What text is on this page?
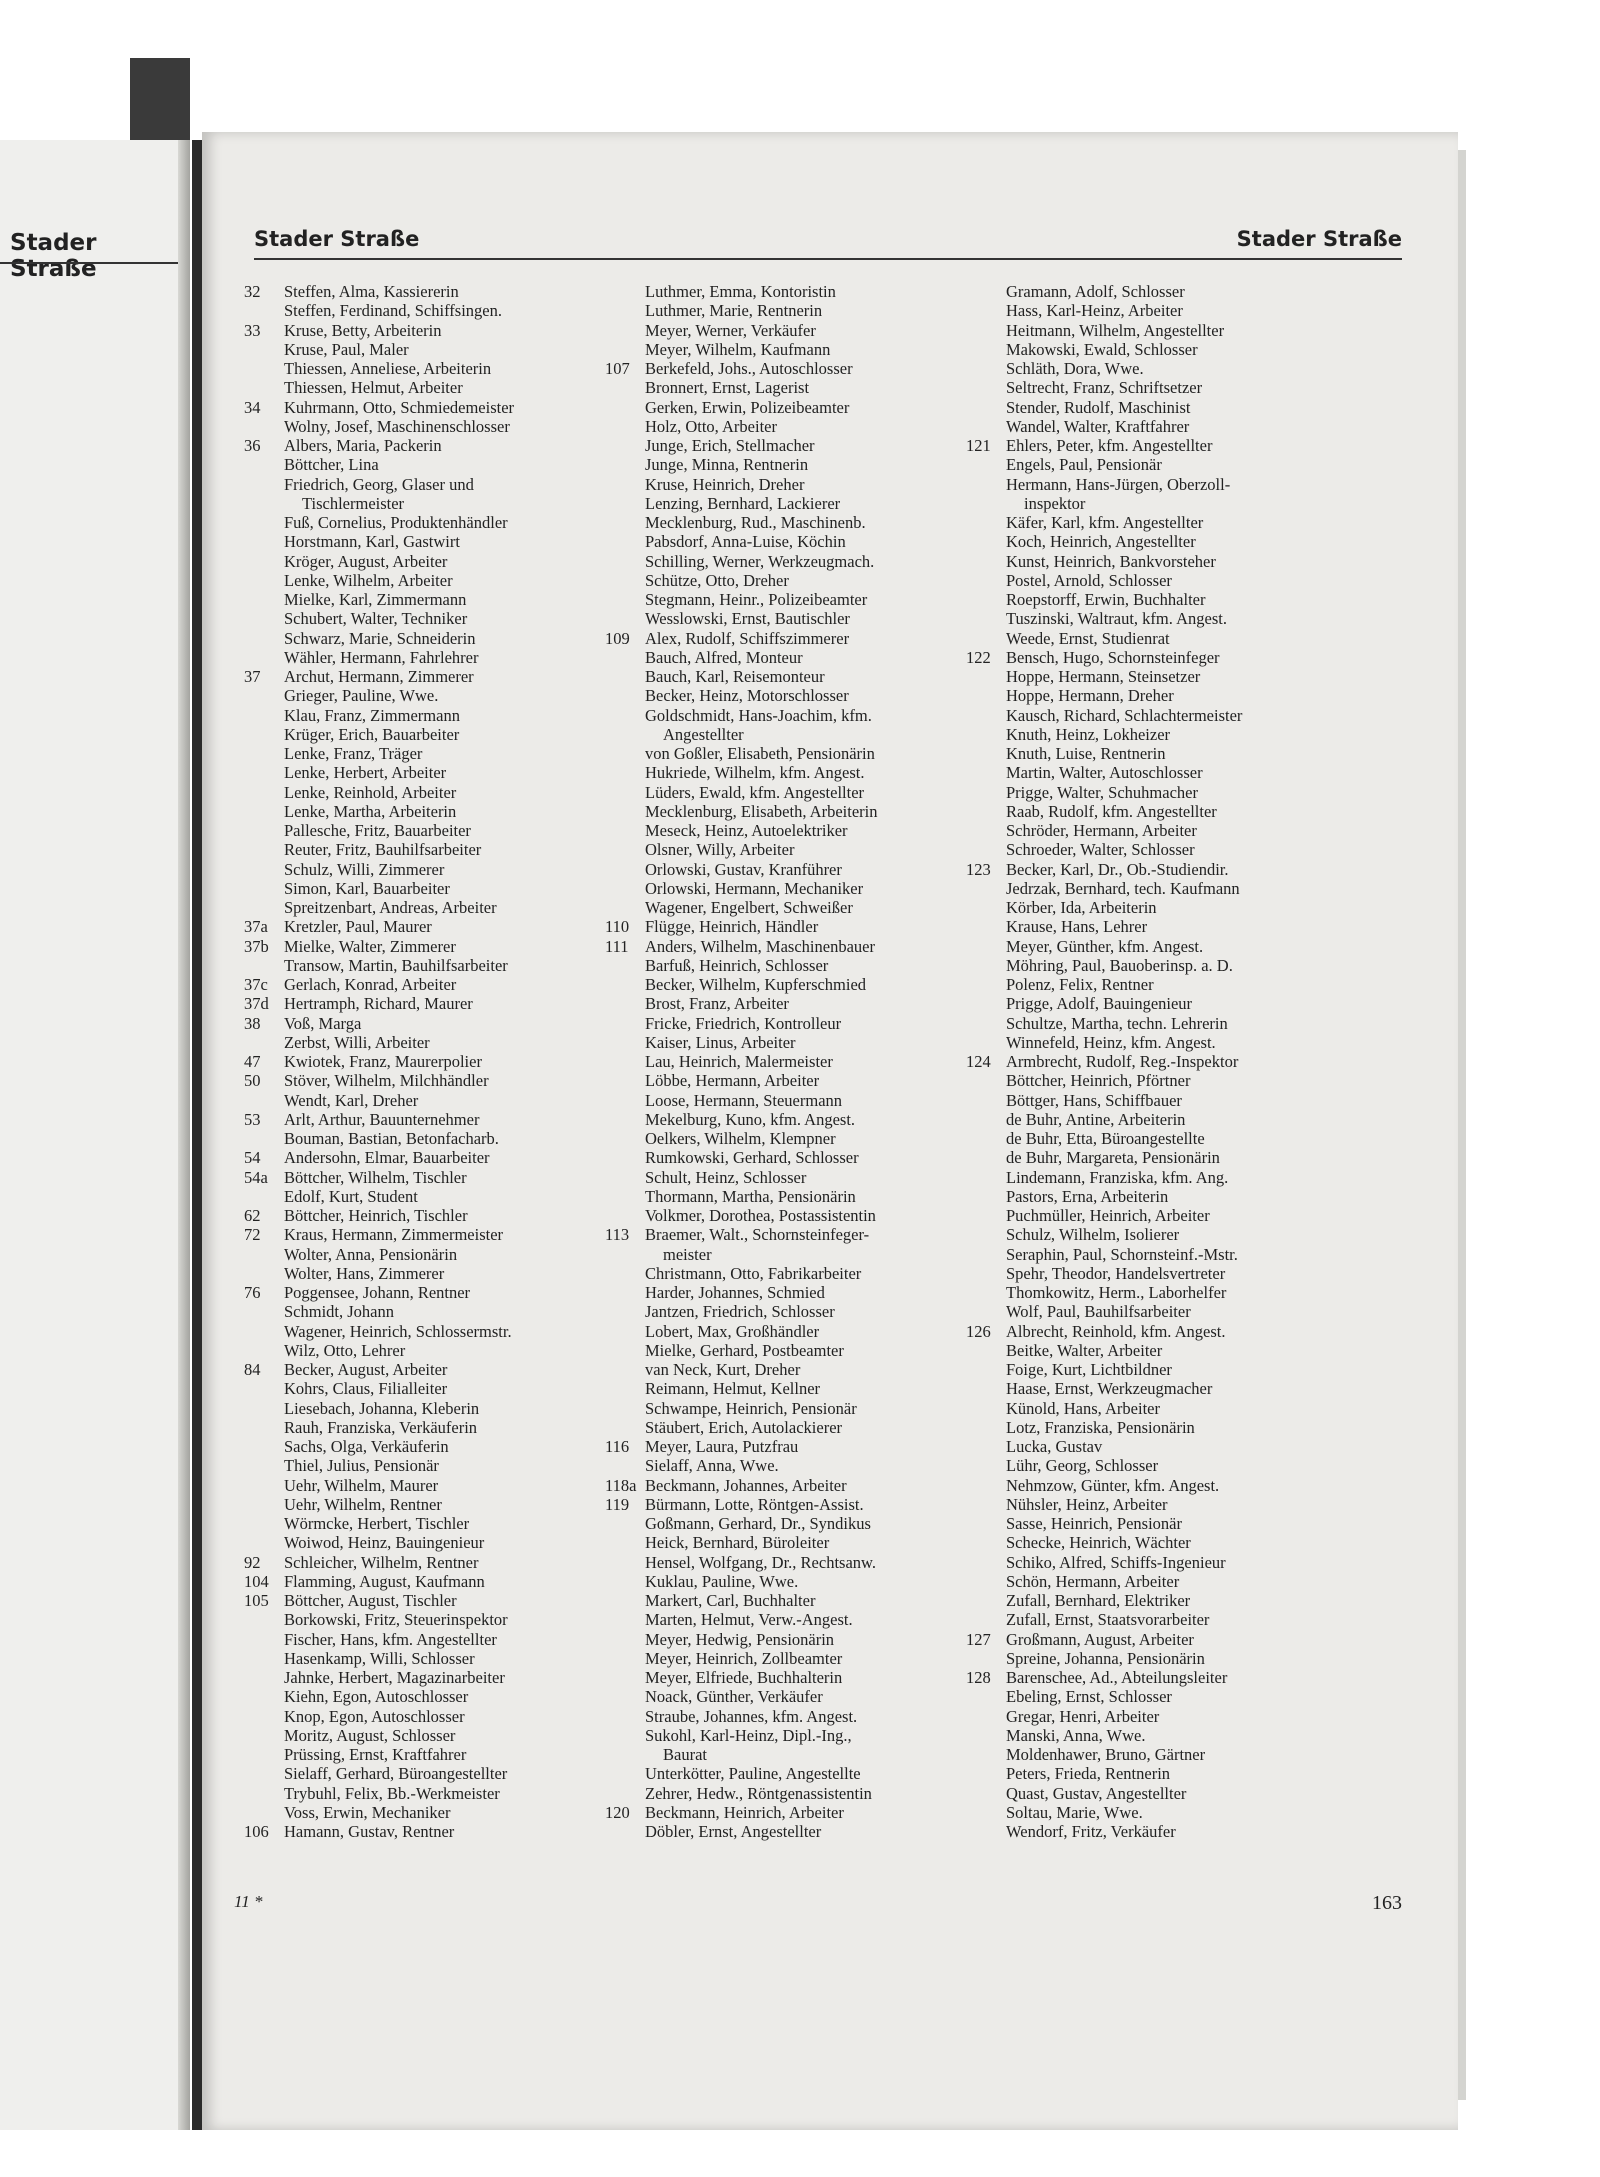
Stader Straße
Stader Straße	Stader Straße
32	Steffen, Alma, Kassiererin
Steffen, Ferdinand, Schiffsingen.
33	Kruse, Betty, Arbeiterin
Kruse, Paul, Maler
Thiessen, Anneliese, Arbeiterin
Thiessen, Helmut, Arbeiter
34	Kuhrmann, Otto, Schmiedemeister
Wolny, Josef, Maschinenschlosser
36	Albers, Maria, Packerin
Böttcher, Lina
Friedrich, Georg, Glaser und
Tischlermeister
Fuß, Cornelius, Produktenhändler
Horstmann, Karl, Gastwirt
Kröger, August, Arbeiter
Lenke, Wilhelm, Arbeiter
Mielke, Karl, Zimmermann
Schubert, Walter, Techniker
Schwarz, Marie, Schneiderin
Wähler, Hermann, Fahrlehrer
37	Archut, Hermann, Zimmerer
Grieger, Pauline, Wwe.
Klau, Franz, Zimmermann
Krüger, Erich, Bauarbeiter
Lenke, Franz, Träger
Lenke, Herbert, Arbeiter
Lenke, Reinhold, Arbeiter
Lenke, Martha, Arbeiterin
Pallesche, Fritz, Bauarbeiter
Reuter, Fritz, Bauhilfsarbeiter
Schulz, Willi, Zimmerer
Simon, Karl, Bauarbeiter
Spreitzenbart, Andreas, Arbeiter
37a Kretzler, Paul, Maurer
37b Mielke, Walter, Zimmerer
Transow, Martin, Bauhilfsarbeiter
37c Gerlach, Konrad, Arbeiter
37d Hertramph, Richard, Maurer
38	Voß, Marga
Zerbst, Willi, Arbeiter
47	Kwiotek, Franz, Maurerpolier
50	Stöver, Wilhelm, Milchhändler
Wendt, Karl, Dreher
53	Arlt, Arthur, Bauunternehmer
Bouman, Bastian, Betonfacharb.
54	Andersohn, Elmar, Bauarbeiter
54a Böttcher, Wilhelm, Tischler
Edolf, Kurt, Student
62	Böttcher, Heinrich, Tischler
72	Kraus, Hermann, Zimmermeister
Wolter, Anna, Pensionärin
Wolter, Hans, Zimmerer
76	Poggensee, Johann, Rentner
Schmidt, Johann
Wagener, Heinrich, Schlossermstr.
Wilz, Otto, Lehrer
84	Becker, August, Arbeiter
Kohrs, Claus, Filialleiter
Liesebach, Johanna, Kleberin
Rauh, Franziska, Verkäuferin
Sachs, Olga, Verkäuferin
Thiel, Julius, Pensionär
Uehr, Wilhelm, Maurer
Uehr, Wilhelm, Rentner
Wörmcke, Herbert, Tischler
Woiwod, Heinz, Bauingenieur
92	Schleicher, Wilhelm, Rentner
104 Flamming, August, Kaufmann
105 Böttcher, August, Tischler
Borkowski, Fritz, Steuerinspektor
Fischer, Hans, kfm. Angestellter
Hasenkamp, Willi, Schlosser
Jahnke, Herbert, Magazinarbeiter
Kiehn, Egon, Autoschlosser
Knop, Egon, Autoschlosser
Moritz, August, Schlosser
Prüssing, Ernst, Kraftfahrer
Sielaff, Gerhard, Büroangestellter
Trybuhl, Felix, Bb.-Werkmeister
Voss, Erwin, Mechaniker
106 Hamann, Gustav, Rentner
Luthmer, Emma, Kontoristin
Luthmer, Marie, Rentnerin
Meyer, Werner, Verkäufer
Meyer, Wilhelm, Kaufmann
107 Berkefeld, Johs., Autoschlosser
Bronnert, Ernst, Lagerist
Gerken, Erwin, Polizeibeamter
Holz, Otto, Arbeiter
Junge, Erich, Stellmacher
Junge, Minna, Rentnerin
Kruse, Heinrich, Dreher
Lenzing, Bernhard, Lackierer
Mecklenburg, Rud., Maschinenb.
Pabsdorf, Anna-Luise, Köchin
Schilling, Werner, Werkzeugmach.
Schütze, Otto, Dreher
Stegmann, Heinr., Polizeibeamter
Wesslowski, Ernst, Bautischler
109 Alex, Rudolf, Schiffszimmerer
Bauch, Alfred, Monteur
Bauch, Karl, Reisemonteur
Becker, Heinz, Motorschlosser
Goldschmidt, Hans-Joachim, kfm.
Angestellter
von Goßler, Elisabeth, Pensionärin
Hukriede, Wilhelm, kfm. Angest.
Lüders, Ewald, kfm. Angestellter
Mecklenburg, Elisabeth, Arbeiterin
Meseck, Heinz, Autoelektriker
Olsner, Willy, Arbeiter
Orlowski, Gustav, Kranführer
Orlowski, Hermann, Mechaniker
Wagener, Engelbert, Schweißer
110 Flügge, Heinrich, Händler
111 Anders, Wilhelm, Maschinenbauer
Barfuß, Heinrich, Schlosser
Becker, Wilhelm, Kupferschmied
Brost, Franz, Arbeiter
Fricke, Friedrich, Kontrolleur
Kaiser, Linus, Arbeiter
Lau, Heinrich, Malermeister
Löbbe, Hermann, Arbeiter
Loose, Hermann, Steuermann
Mekelburg, Kuno, kfm. Angest.
Oelkers, Wilhelm, Klempner
Rumkowski, Gerhard, Schlosser
Schult, Heinz, Schlosser
Thormann, Martha, Pensionärin
Volkmer, Dorothea, Postassistentin
113 Braemer, Walt., Schornsteinfeger-
meister
Christmann, Otto, Fabrikarbeiter
Harder, Johannes, Schmied
Jantzen, Friedrich, Schlosser
Lobert, Max, Großhändler
Mielke, Gerhard, Postbeamter
van Neck, Kurt, Dreher
Reimann, Helmut, Kellner
Schwampe, Heinrich, Pensionär
Stäubert, Erich, Autolackierer
116 Meyer, Laura, Putzfrau
Sielaff, Anna, Wwe.
118a Beckmann, Johannes, Arbeiter
119 Bürmann, Lotte, Röntgen-Assist.
Goßmann, Gerhard, Dr., Syndikus
Heick, Bernhard, Büroleiter
Hensel, Wolfgang, Dr., Rechtsanw.
Kuklau, Pauline, Wwe.
Markert, Carl, Buchhalter
Marten, Helmut, Verw.-Angest.
Meyer, Hedwig, Pensionärin
Meyer, Heinrich, Zollbeamter
Meyer, Elfriede, Buchhalterin
Noack, Günther, Verkäufer
Straube, Johannes, kfm. Angest.
Sukohl, Karl-Heinz, Dipl.-Ing.,
Baurat
Unterkötter, Pauline, Angestellte
Zehrer, Hedw., Röntgenassistentin
120 Beckmann, Heinrich, Arbeiter
Döbler, Ernst, Angestellter
Gramann, Adolf, Schlosser
Hass, Karl-Heinz, Arbeiter
Heitmann, Wilhelm, Angestellter
Makowski, Ewald, Schlosser
Schläth, Dora, Wwe.
Seltrecht, Franz, Schriftsetzer
Stender, Rudolf, Maschinist
Wandel, Walter, Kraftfahrer
121 Ehlers, Peter, kfm. Angestellter
Engels, Paul, Pensionär
Hermann, Hans-Jürgen, Oberzoll-
inspektor
Käfer, Karl, kfm. Angestellter
Koch, Heinrich, Angestellter
Kunst, Heinrich, Bankvorsteher
Postel, Arnold, Schlosser
Roepstorff, Erwin, Buchhalter
Tuszinski, Waltraut, kfm. Angest.
Weede, Ernst, Studienrat
122 Bensch, Hugo, Schornsteinfeger
Hoppe, Hermann, Steinsetzer
Hoppe, Hermann, Dreher
Kausch, Richard, Schlachtermeister
Knuth, Heinz, Lokheizer
Knuth, Luise, Rentnerin
Martin, Walter, Autoschlosser
Prigge, Walter, Schuhmacher
Raab, Rudolf, kfm. Angestellter
Schröder, Hermann, Arbeiter
Schroeder, Walter, Schlosser
123 Becker, Karl, Dr., Ob.-Studiendir.
Jedrzak, Bernhard, tech. Kaufmann
Körber, Ida, Arbeiterin
Krause, Hans, Lehrer
Meyer, Günther, kfm. Angest.
Möhring, Paul, Bauoberinsp. a. D.
Polenz, Felix, Rentner
Prigge, Adolf, Bauingenieur
Schultze, Martha, techn. Lehrerin
Winnefeld, Heinz, kfm. Angest.
124 Armbrecht, Rudolf, Reg.-Inspektor
Böttcher, Heinrich, Pförtner
Böttger, Hans, Schiffbauer
de Buhr, Antine, Arbeiterin
de Buhr, Etta, Büroangestellte
de Buhr, Margareta, Pensionärin
Lindemann, Franziska, kfm. Ang.
Pastors, Erna, Arbeiterin
Puchmüller, Heinrich, Arbeiter
Schulz, Wilhelm, Isolierer
Seraphin, Paul, Schornsteinf.-Mstr.
Spehr, Theodor, Handelsvertreter
Thomkowitz, Herm., Laborhelfer
Wolf, Paul, Bauhilfsarbeiter
126 Albrecht, Reinhold, kfm. Angest.
Beitke, Walter, Arbeiter
Foige, Kurt, Lichtbildner
Haase, Ernst, Werkzeugmacher
Künold, Hans, Arbeiter
Lotz, Franziska, Pensionärin
Lucka, Gustav
Lühr, Georg, Schlosser
Nehmzow, Günter, kfm. Angest.
Nühsler, Heinz, Arbeiter
Sasse, Heinrich, Pensionär
Schecke, Heinrich, Wächter
Schiko, Alfred, Schiffs-Ingenieur
Schön, Hermann, Arbeiter
Zufall, Bernhard, Elektriker
Zufall, Ernst, Staatsvorarbeiter
127 Großmann, August, Arbeiter
Spreine, Johanna, Pensionärin
128 Barenschee, Ad., Abteilungsleiter
Ebeling, Ernst, Schlosser
Gregar, Henri, Arbeiter
Manski, Anna, Wwe.
Moldenhawer, Bruno, Gärtner
Peters, Frieda, Rentnerin
Quast, Gustav, Angestellter
Soltau, Marie, Wwe.
Wendorf, Fritz, Verkäufer
11 *	163
